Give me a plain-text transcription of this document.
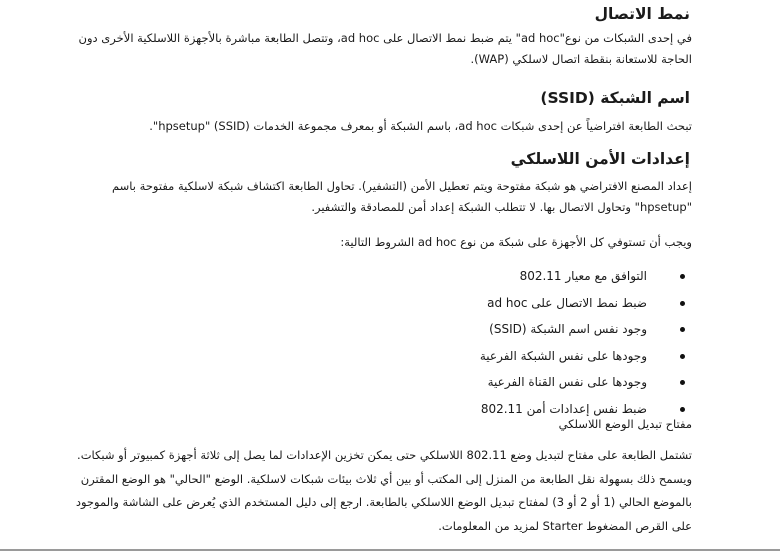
نمط الاتصال

في إحدى الشبكات من نوع"ad hoc" يتم ضبط نمط الاتصال على ad hoc، وتتصل الطابعة مباشرة بالأجهزة اللاسلكية الأخرى دون الحاجة للاستعانة بنقطة اتصال لاسلكي (WAP).

اسم الشبكة (SSID)

تبحث الطابعة افتراضياً عن إحدى شبكات ad hoc، باسم الشبكة أو بمعرف مجموعة الخدمات (SSID) "hpsetup".

إعدادات الأمن اللاسلكي

إعداد المصنع الافتراضي هو شبكة مفتوحة ويتم تعطيل الأمن (التشفير). تحاول الطابعة اكتشاف شبكة لاسلكية مفتوحة باسم "hpsetup" وتحاول الاتصال بها. لا تتطلب الشبكة إعداد أمن للمصادقة والتشفير.

ويجب أن تستوفي كل الأجهزة على شبكة من نوع ad hoc الشروط التالية:

التوافق مع معيار 802.11
ضبط نمط الاتصال على ad hoc
وجود نفس اسم الشبكة (SSID)
وجودها على نفس الشبكة الفرعية
وجودها على نفس القناة الفرعية
ضبط نفس إعدادات أمن 802.11

مفتاح تبديل الوضع اللاسلكي

تشتمل الطابعة على مفتاح لتبديل وضع 802.11 اللاسلكي حتى يمكن تخزين الإعدادات لما يصل إلى ثلاثة أجهزة كمبيوتر أو شبكات. ويسمح ذلك بسهولة نقل الطابعة من المنزل إلى المكتب أو بين أي ثلاث بيئات شبكات لاسلكية. الوضع "الحالي" هو الوضع المقترن بالموضع الحالي (1 أو 2 أو 3) لمفتاح تبديل الوضع اللاسلكي بالطابعة. ارجع إلى دليل المستخدم الذي يُعرض على الشاشة والموجود على القرص المضغوط Starter لمزيد من المعلومات.
